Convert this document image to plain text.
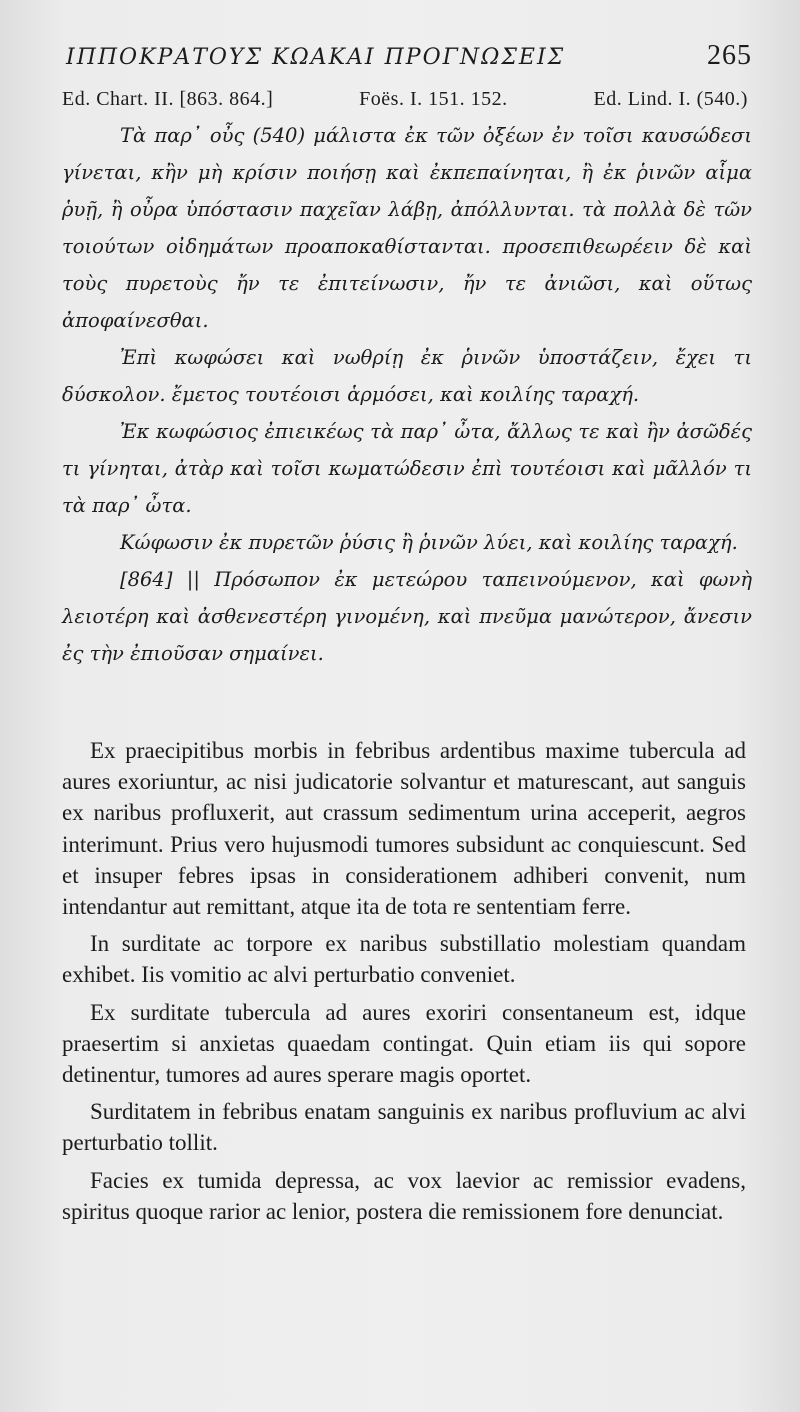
ΙΠΠΟΚΡΑΤΟΥΣ ΚΩΑΚΑΙ ΠΡΟΓΝΩΣΕΙΣ	265
Ed. Chart. II. [863. 864.]	Foës. I. 151. 152.	Ed. Lind. I. (540.)

Τὰ παρ᾽ οὖς (540) μάλιστα ἐκ τῶν ὀξέων ἐν τοῖσι καυσώδεσι γίνεται, κἢν μὴ κρίσιν ποιήσῃ καὶ ἐκπεπαίνηται, ἢ ἐκ ῥινῶν αἷμα ῥυῇ, ἢ οὖρα ὑπόστασιν παχεῖαν λάβῃ, ἀπόλλυνται. τὰ πολλὰ δὲ τῶν τοιούτων οἰδημάτων προαποκαθίστανται. προσεπιθεωρέειν δὲ καὶ τοὺς πυρετοὺς ἤν τε ἐπιτείνωσιν, ἤν τε ἀνιῶσι, καὶ οὕτως ἀποφαίνεσθαι.

Ἐπὶ κωφώσει καὶ νωθρίῃ ἐκ ῥινῶν ὑποστάζειν, ἔχει τι δύσκολον. ἔμετος τουτέοισι ἁρμόσει, καὶ κοιλίης ταραχή.

Ἐκ κωφώσιος ἐπιεικέως τὰ παρ᾽ ὦτα, ἄλλως τε καὶ ἢν ἀσῶδές τι γίνηται, ἀτὰρ καὶ τοῖσι κωματώδεσιν ἐπὶ τουτέοισι καὶ μᾶλλόν τι τὰ παρ᾽ ὦτα.

Κώφωσιν ἐκ πυρετῶν ῥύσις ἢ ῥινῶν λύει, καὶ κοιλίης ταραχή.

[864] || Πρόσωπον ἐκ μετεώρου ταπεινούμενον, καὶ φωνὴ λειοτέρη καὶ ἀσθενεστέρη γινομένη, καὶ πνεῦμα μανώτερον, ἄνεσιν ἐς τὴν ἐπιοῦσαν σημαίνει.

Ex praecipitibus morbis in febribus ardentibus maxime tubercula ad aures exoriuntur, ac nisi judicatorie solvantur et maturescant, aut sanguis ex naribus profluxerit, aut crassum sedimentum urina acceperit, aegros interimunt. Prius vero hujusmodi tumores subsidunt ac conquiescunt. Sed et insuper febres ipsas in considerationem adhiberi convenit, num intendantur aut remittant, atque ita de tota re sententiam ferre.

In surditate ac torpore ex naribus substillatio molestiam quandam exhibet. Iis vomitio ac alvi perturbatio conveniet.

Ex surditate tubercula ad aures exoriri consentaneum est, idque praesertim si anxietas quaedam contingat. Quin etiam iis qui sopore detinentur, tumores ad aures sperare magis oportet.

Surditatem in febribus enatam sanguinis ex naribus profluvium ac alvi perturbatio tollit.

Facies ex tumida depressa, ac vox laevior ac remissior evadens, spiritus quoque rarior ac lenior, postera die remissionem fore denunciat.
